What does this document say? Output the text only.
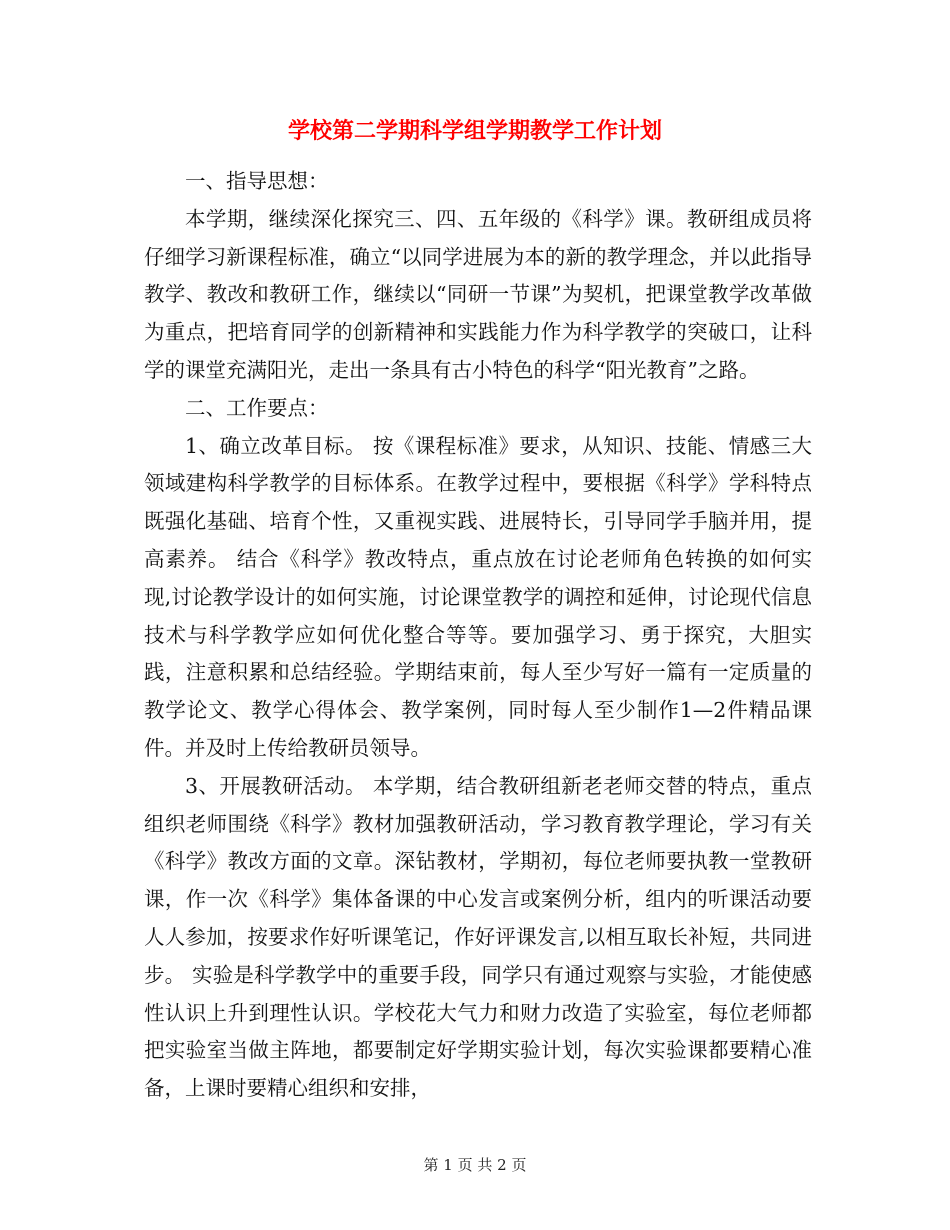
学校第二学期科学组学期教学工作计划

一、指导思想：

本学期，继续深化探究三、四、五年级的《科学》课。教研组成员将仔细学习新课程标准，确立“以同学进展为本的新的教学理念，并以此指导教学、教改和教研工作，继续以“同研一节课”为契机，把课堂教学改革做为重点，把培育同学的创新精神和实践能力作为科学教学的突破口，让科学的课堂充满阳光，走出一条具有古小特色的科学“阳光教育”之路。

二、工作要点：

1、确立改革目标。 按《课程标准》要求，从知识、技能、情感三大领域建构科学教学的目标体系。在教学过程中，要根据《科学》学科特点既强化基础、培育个性，又重视实践、进展特长，引导同学手脑并用，提高素养。 结合《科学》教改特点，重点放在讨论老师角色转换的如何实现,讨论教学设计的如何实施，讨论课堂教学的调控和延伸，讨论现代信息技术与科学教学应如何优化整合等等。要加强学习、勇于探究，大胆实践，注意积累和总结经验。学期结束前，每人至少写好一篇有一定质量的教学论文、教学心得体会、教学案例，同时每人至少制作1—2件精品课件。并及时上传给教研员领导。

3、开展教研活动。 本学期，结合教研组新老老师交替的特点，重点组织老师围绕《科学》教材加强教研活动，学习教育教学理论，学习有关《科学》教改方面的文章。深钻教材，学期初，每位老师要执教一堂教研课，作一次《科学》集体备课的中心发言或案例分析，组内的听课活动要人人参加，按要求作好听课笔记，作好评课发言,以相互取长补短，共同进步。 实验是科学教学中的重要手段，同学只有通过观察与实验，才能使感性认识上升到理性认识。学校花大气力和财力改造了实验室，每位老师都把实验室当做主阵地，都要制定好学期实验计划，每次实验课都要精心准备，上课时要精心组织和安排，

第 1 页 共 2 页
